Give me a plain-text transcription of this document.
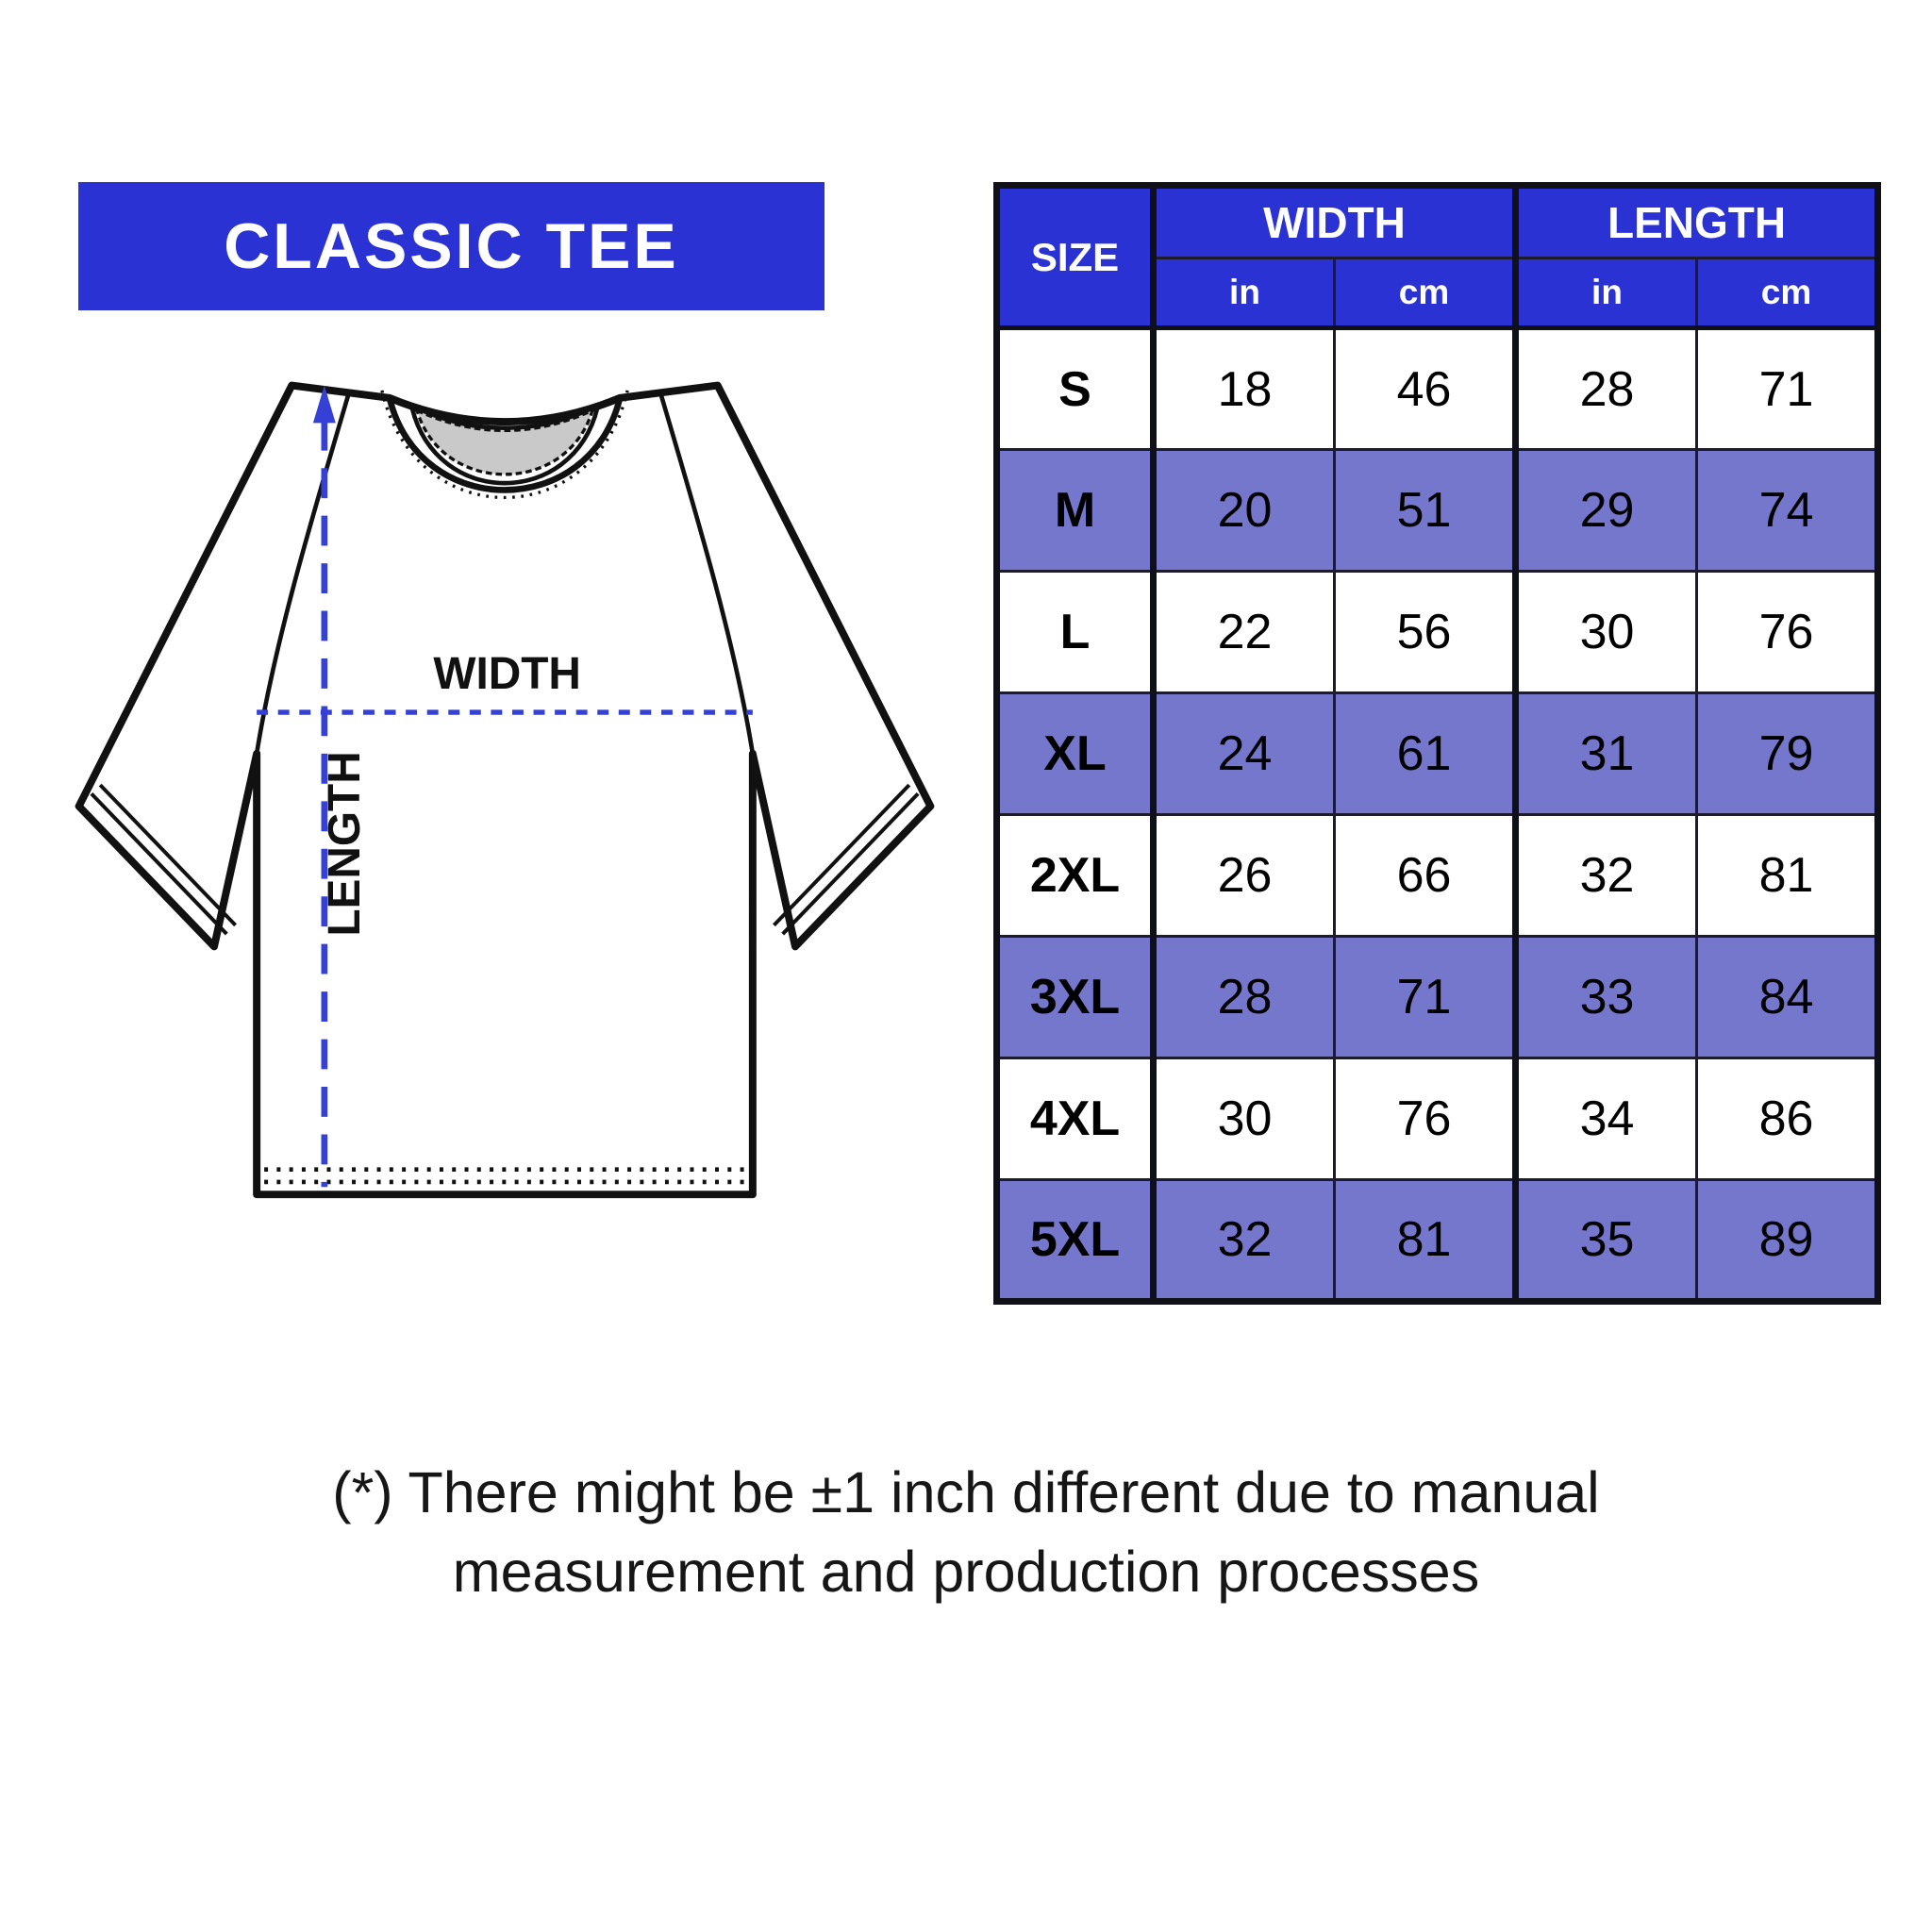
CLASSIC TEE
WIDTH
LENGTH
SIZE	WIDTH		LENGTH	
	in	cm	in	cm
S	18	46	28	71
M	20	51	29	74
L	22	56	30	76
XL	24	61	31	79
2XL	26	66	32	81
3XL	28	71	33	84
4XL	30	76	34	86
5XL	32	81	35	89
(*) There might be ±1 inch different due to manual
measurement and production processes
